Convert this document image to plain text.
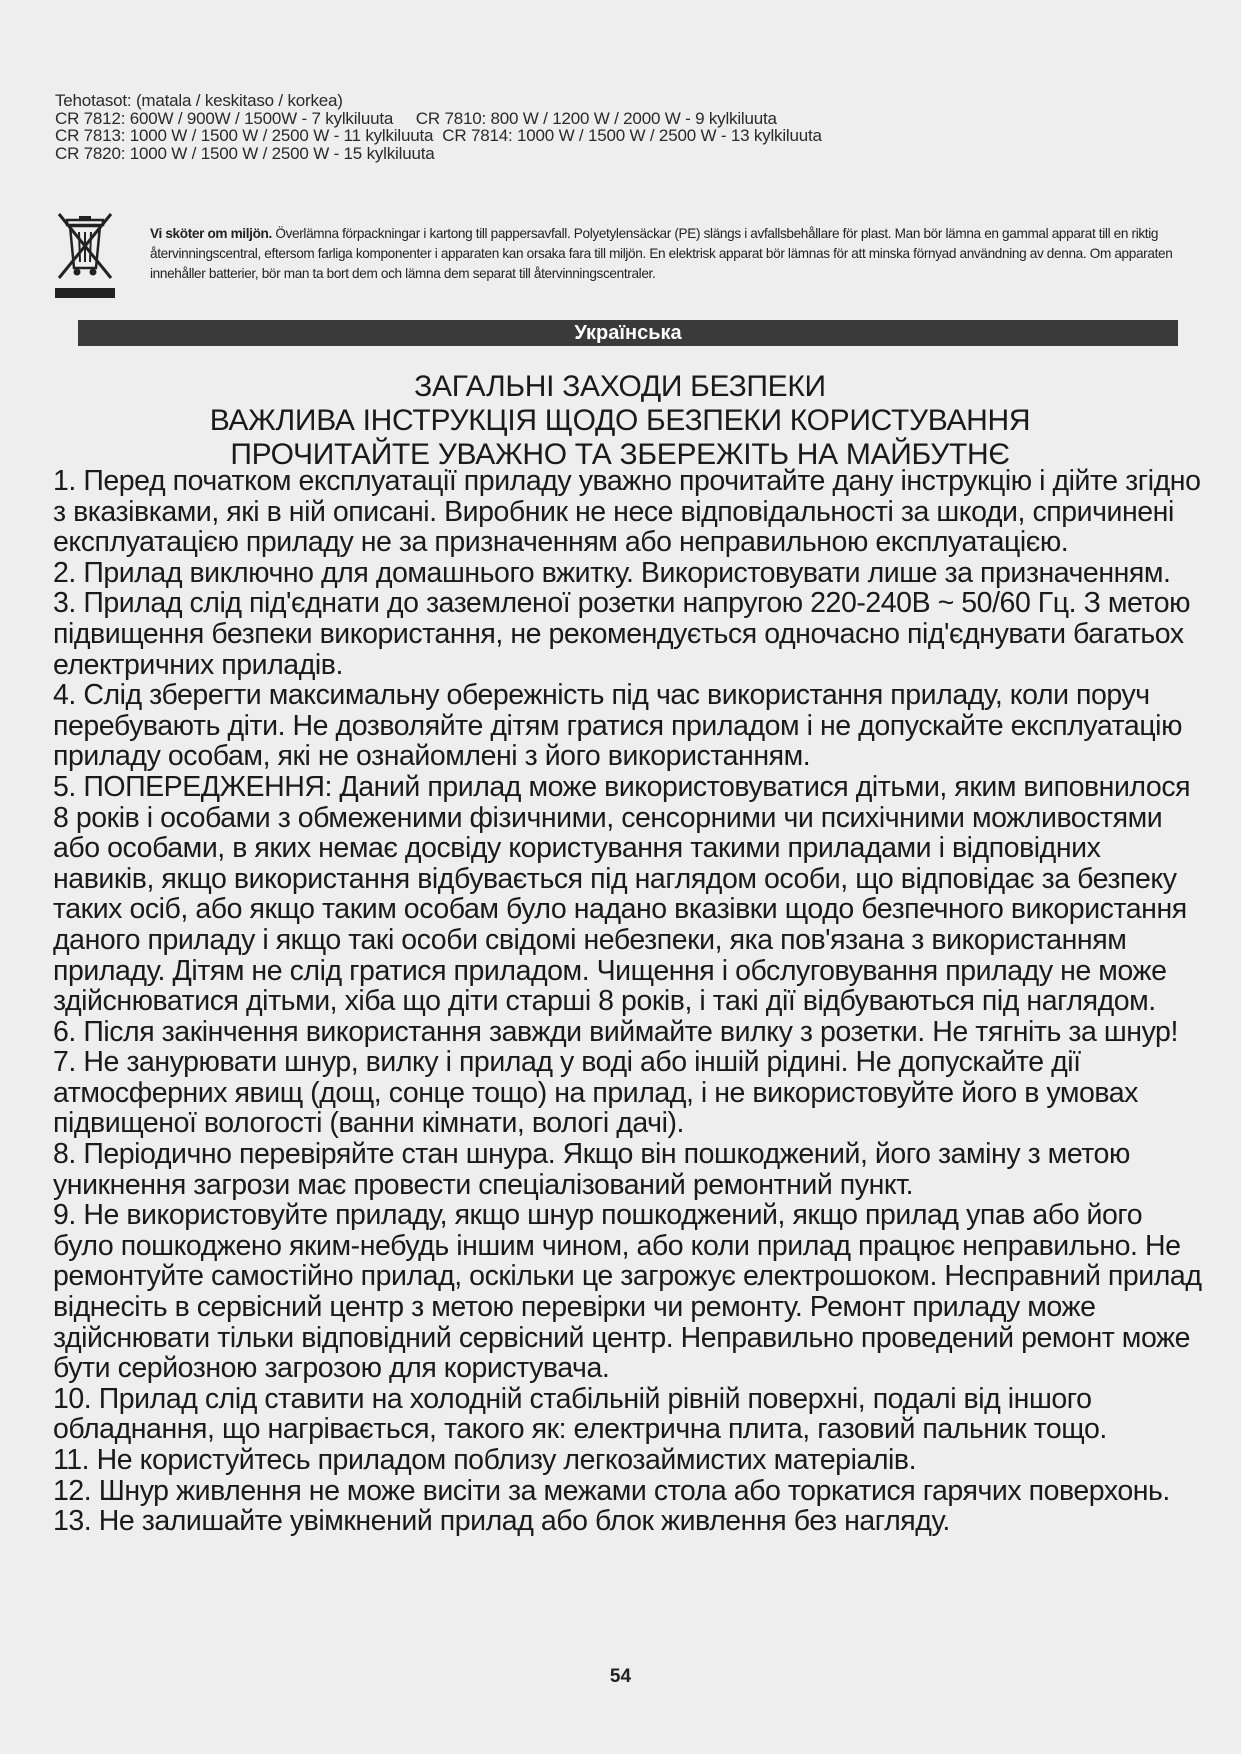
Tehotasot: (matala / keskitaso / korkea)
CR 7812: 600W / 900W / 1500W - 7 kylkiluuta     CR 7810: 800 W / 1200 W / 2000 W - 9 kylkiluuta
CR 7813: 1000 W / 1500 W / 2500 W - 11 kylkiluuta  CR 7814: 1000 W / 1500 W / 2500 W - 13 kylkiluuta
CR 7820: 1000 W / 1500 W / 2500 W - 15 kylkiluuta
Vi sköter om miljön. Överlämna förpackningar i kartong till pappersavfall. Polyetylensäckar (PE) slängs i avfallsbehållare för plast. Man bör lämna en gammal apparat till en riktig återvinningscentral, eftersom farliga komponenter i apparaten kan orsaka fara till miljön. En elektrisk apparat bör lämnas för att minska förnyad användning av denna. Om apparaten innehåller batterier, bör man ta bort dem och lämna dem separat till återvinningscentraler.
Українська
ЗАГАЛЬНІ ЗАХОДИ БЕЗПЕКИ
ВАЖЛИВА ІНСТРУКЦІЯ ЩОДО БЕЗПЕКИ КОРИСТУВАННЯ
ПРОЧИТАЙТЕ УВАЖНО ТА ЗБЕРЕЖІТЬ НА МАЙБУТНЄ

1. Перед початком експлуатації приладу уважно прочитайте дану інструкцію і дійте згідно з вказівками, які в ній описані. Виробник не несе відповідальності за шкоди, спричинені експлуатацією приладу не за призначенням або неправильною експлуатацією.

2. Прилад виключно для домашнього вжитку. Використовувати лише за призначенням.

3. Прилад слід під'єднати до заземленої розетки напругою 220-240В ~ 50/60 Гц. З метою підвищення безпеки використання, не рекомендується одночасно під'єднувати багатьох електричних приладів.

4. Слід зберегти максимальну обережність під час використання приладу, коли поруч перебувають діти. Не дозволяйте дітям гратися приладом і не допускайте експлуатацію приладу особам, які не ознайомлені з його використанням.

5. ПОПЕРЕДЖЕННЯ: Даний прилад може використовуватися дітьми, яким виповнилося 8 років і особами з обмеженими фізичними, сенсорними чи психічними можливостями або особами, в яких немає досвіду користування такими приладами і відповідних навиків, якщо використання відбувається під наглядом особи, що відповідає за безпеку таких осіб, або якщо таким особам було надано вказівки щодо безпечного використання даного приладу і якщо такі особи свідомі небезпеки, яка пов'язана з використанням приладу. Дітям не слід гратися приладом. Чищення і обслуговування приладу не може здійснюватися дітьми, хіба що діти старші 8 років, і такі дії відбуваються під наглядом.

6. Після закінчення використання завжди виймайте вилку з розетки. Не тягніть за шнур!

7. Не занурювати шнур, вилку і прилад у воді або іншій рідині. Не допускайте дії атмосферних явищ (дощ, сонце тощо) на прилад, і не використовуйте його в умовах підвищеної вологості (ванни кімнати, вологі дачі).

8. Періодично перевіряйте стан шнура. Якщо він пошкоджений, його заміну з метою уникнення загрози має провести спеціалізований ремонтний пункт.

9. Не використовуйте приладу, якщо шнур пошкоджений, якщо прилад упав або його було пошкоджено яким-небудь іншим чином, або коли прилад працює неправильно. Не ремонтуйте самостійно прилад, оскільки це загрожує електрошоком. Несправний прилад віднесіть в сервісний центр з метою перевірки чи ремонту. Ремонт приладу може здійснювати тільки відповідний сервісний центр. Неправильно проведений ремонт може бути серйозною загрозою для користувача.

10. Прилад слід ставити на холодній стабільній рівній поверхні, подалі від іншого обладнання, що нагрівається, такого як: електрична плита, газовий пальник тощо.

11. Не користуйтесь приладом поблизу легкозаймистих матеріалів.

12. Шнур живлення не може висіти за межами стола або торкатися гарячих поверхонь.

13. Не залишайте увімкнений прилад або блок живлення без нагляду.

54
